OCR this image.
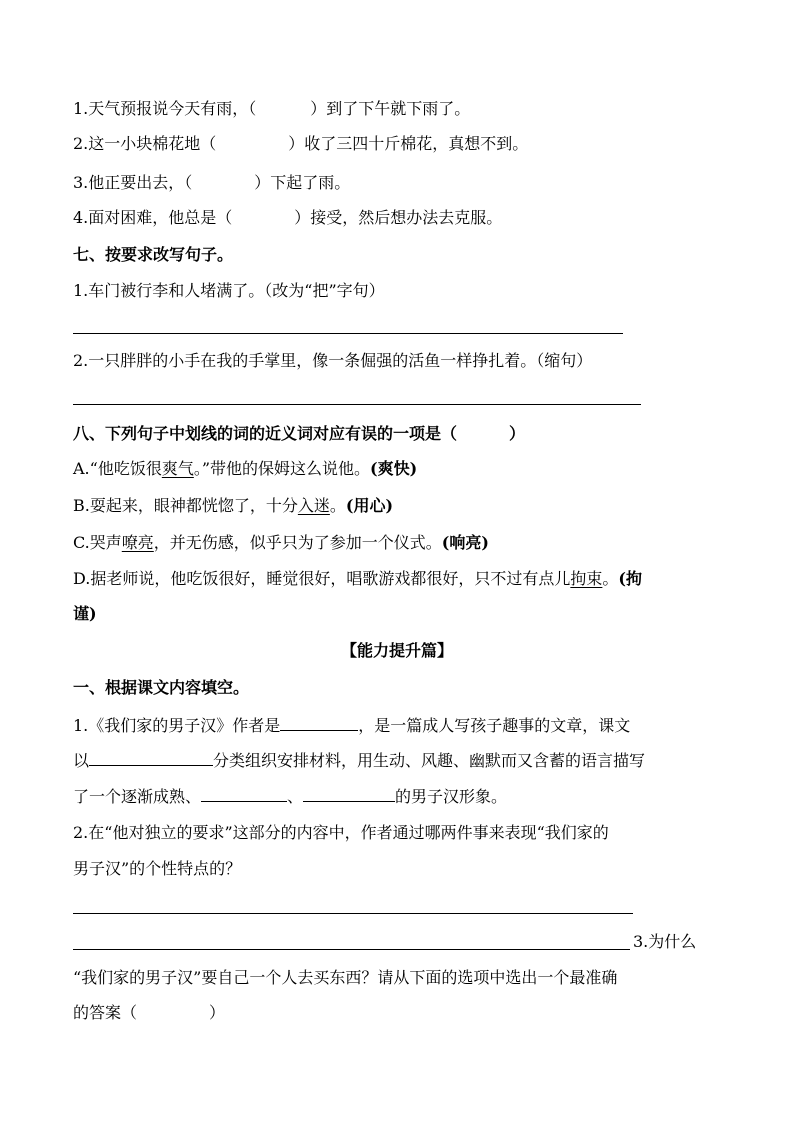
1.天气预报说今天有雨，（	）到了下午就下雨了。
2.这一小块棉花地（	）收了三四十斤棉花，真想不到。
3.他正要出去，（	）下起了雨。
4.面对困难，他总是（	）接受，然后想办法去克服。
七、按要求改写句子。
1.车门被行李和人堵满了。（改为“把”字句）
2.一只胖胖的小手在我的手掌里，像一条倔强的活鱼一样挣扎着。（缩句）
八、下列句子中划线的词的近义词对应有误的一项是（	）
A.“他吃饭很爽气。”带他的保姆这么说他。(爽快)
B.耍起来，眼神都恍惚了，十分入迷。(用心)
C.哭声嘹亮，并无伤感，似乎只为了参加一个仪式。(响亮)
D.据老师说，他吃饭很好，睡觉很好，唱歌游戏都很好，只不过有点儿拘束。(拘
谨)
【能力提升篇】
一、根据课文内容填空。
1.《我们家的男子汉》作者是	，是一篇成人写孩子趣事的文章，课文
以	分类组织安排材料，用生动、风趣、幽默而又含蓄的语言描写
了一个逐渐成熟、	、	的男子汉形象。
2.在“他对独立的要求”这部分的内容中，作者通过哪两件事来表现“我们家的
男子汉”的个性特点的？
3.为什么
“我们家的男子汉”要自己一个人去买东西？请从下面的选项中选出一个最准确
的答案（	）
